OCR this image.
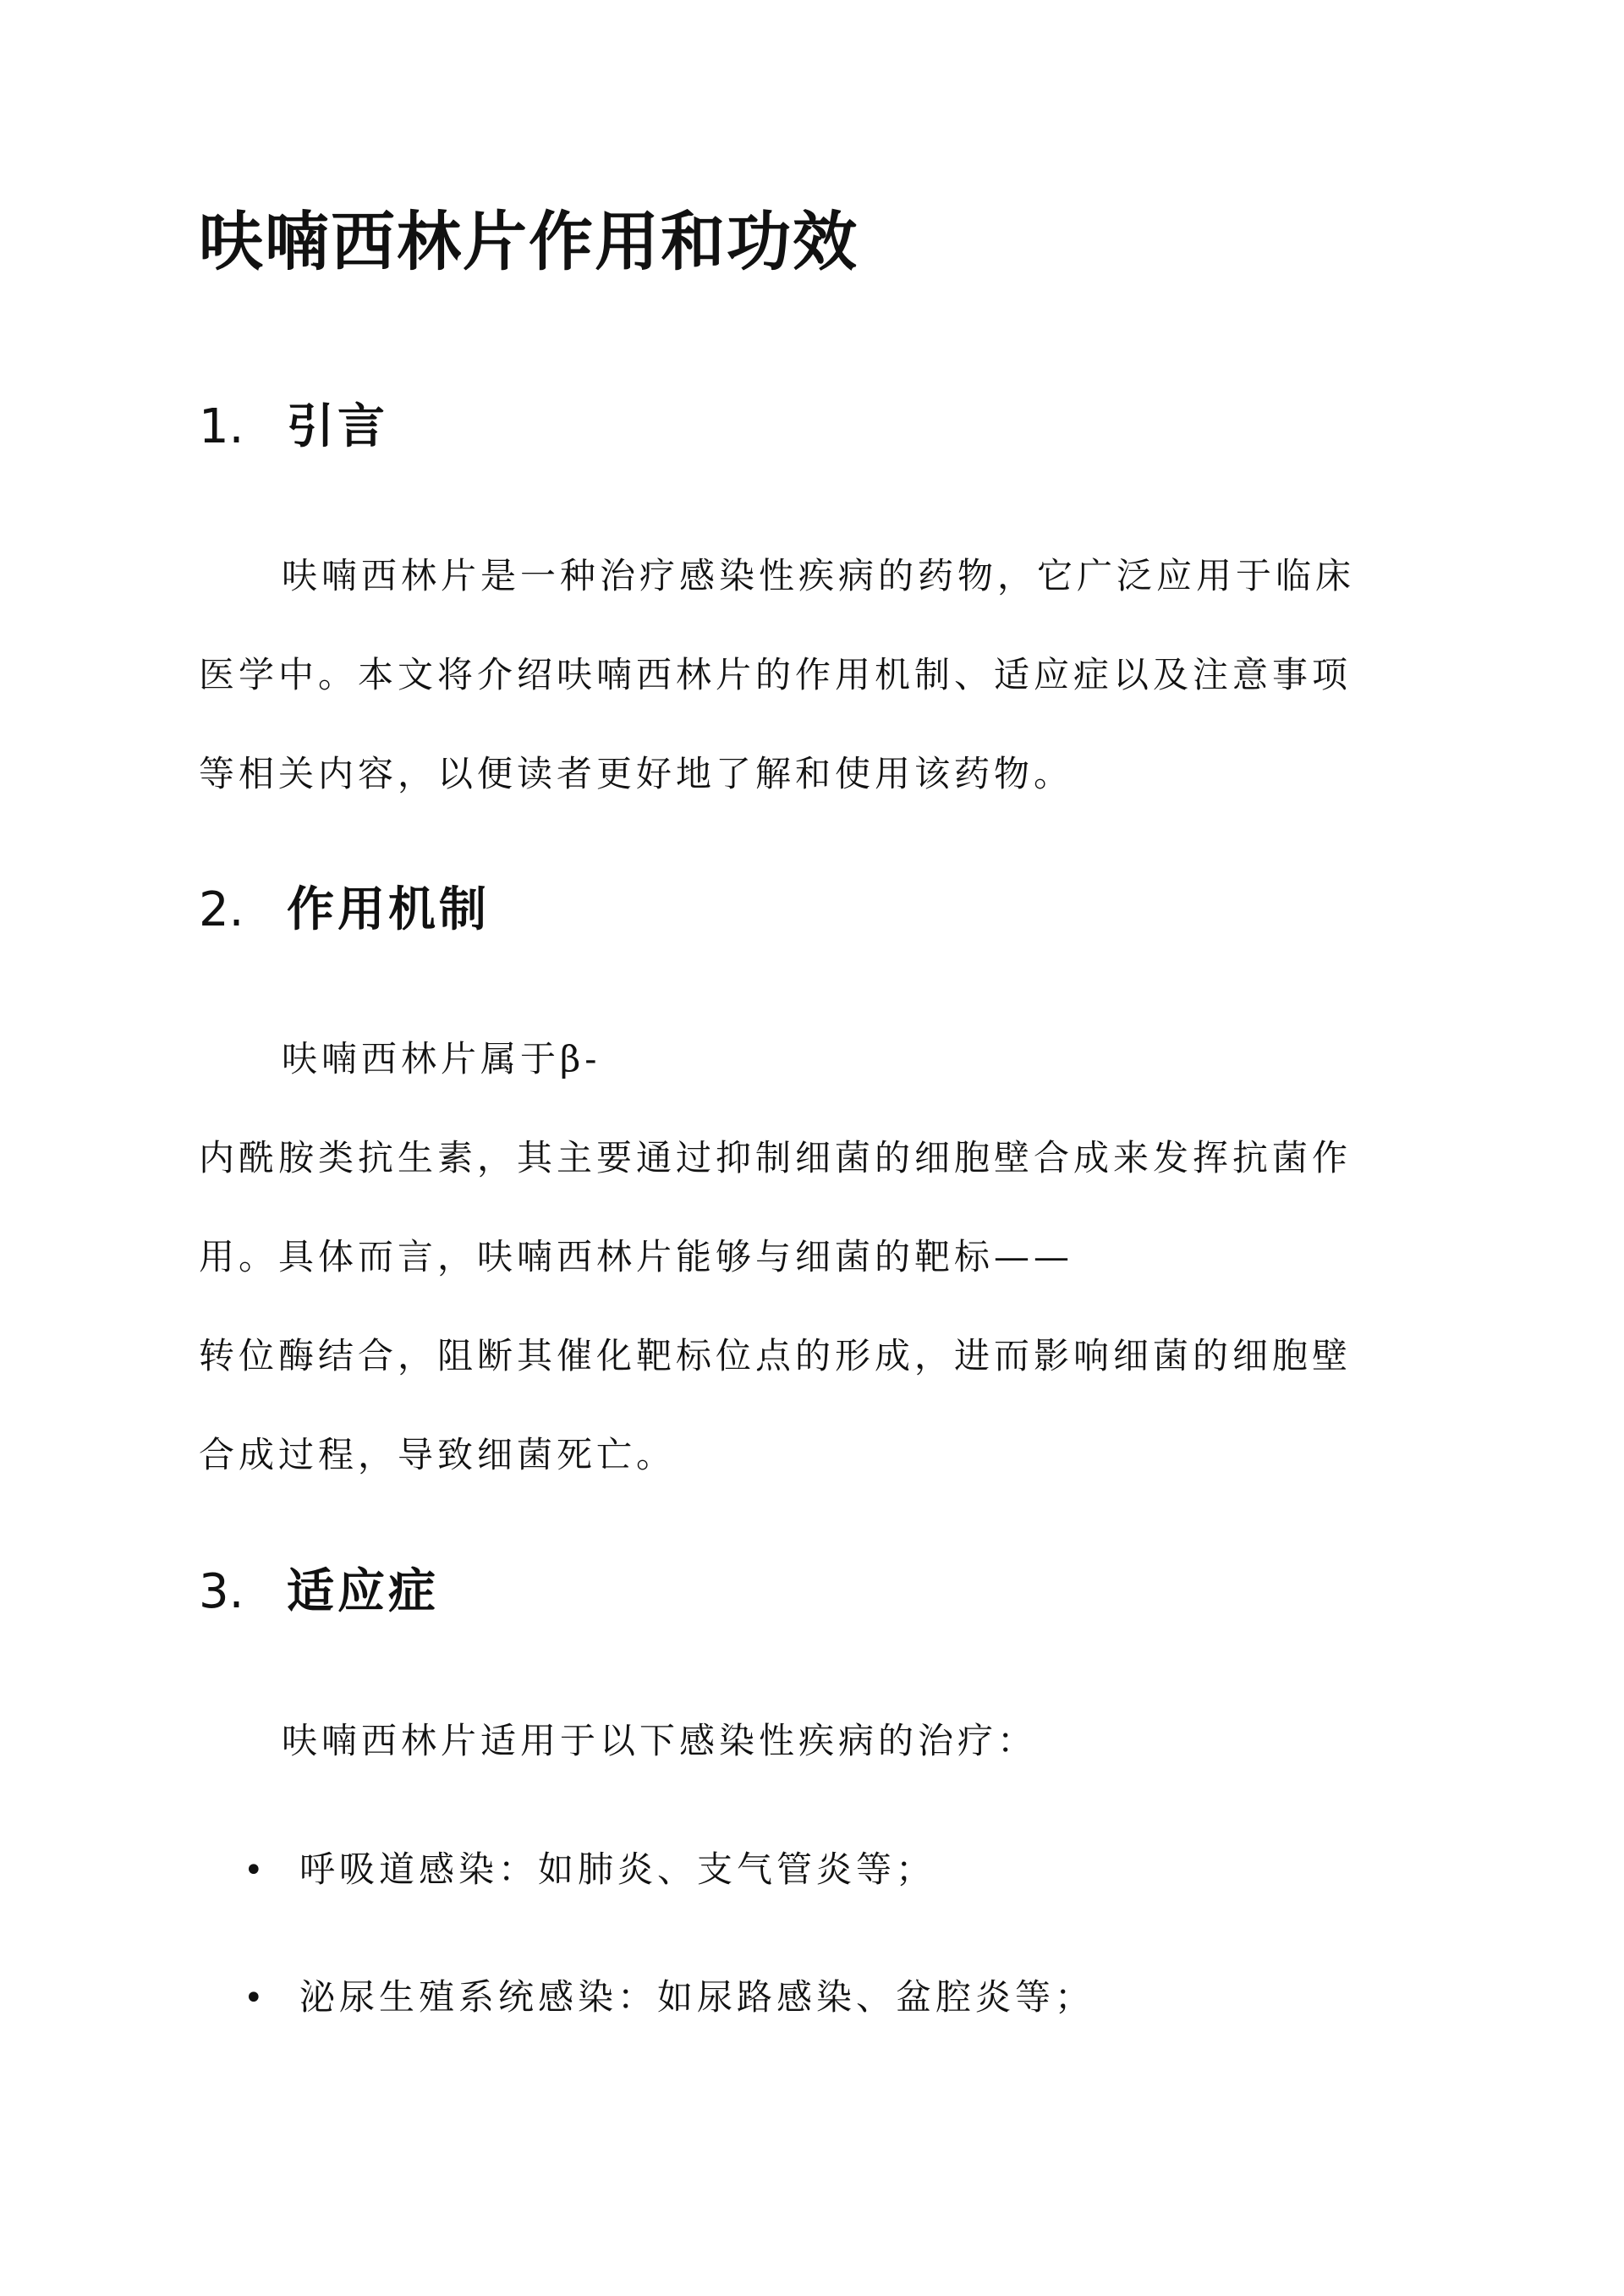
呋喃西林片作用和功效
1. 引言

呋喃西林片是一种治疗感染性疾病的药物，它广泛应用于临床

医学中。本文将介绍呋喃西林片的作用机制、适应症以及注意事项

等相关内容，以便读者更好地了解和使用该药物。

2. 作用机制

呋喃西林片属于β-

内酰胺类抗生素，其主要通过抑制细菌的细胞壁合成来发挥抗菌作

用。具体而言，呋喃西林片能够与细菌的靶标——

转位酶结合，阻断其催化靶标位点的形成，进而影响细菌的细胞壁

合成过程，导致细菌死亡。

3. 适应症

呋喃西林片适用于以下感染性疾病的治疗：

• 呼吸道感染：如肺炎、支气管炎等；

• 泌尿生殖系统感染：如尿路感染、盆腔炎等；
